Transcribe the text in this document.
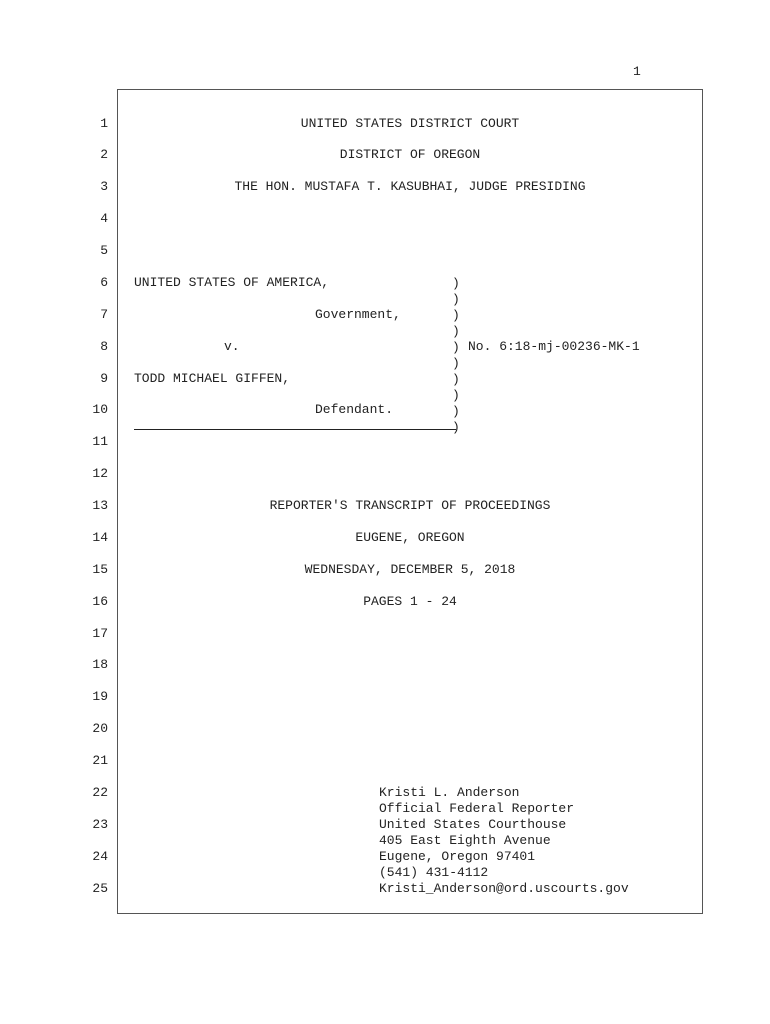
1
1
2
3
4
5
6
7
8
9
10
11
12
13
14
15
16
17
18
19
20
21
22
23
24
25
UNITED STATES DISTRICT COURT
DISTRICT OF OREGON
THE HON. MUSTAFA T. KASUBHAI, JUDGE PRESIDING
UNITED STATES OF AMERICA,
Government,
v.	No. 6:18-mj-00236-MK-1
TODD MICHAEL GIFFEN,
Defendant.
)
)
)
)
)
)
)
)
)
)
REPORTER'S TRANSCRIPT OF PROCEEDINGS
EUGENE, OREGON
WEDNESDAY, DECEMBER 5, 2018
PAGES 1 - 24
Kristi L. Anderson
Official Federal Reporter
United States Courthouse
405 East Eighth Avenue
Eugene, Oregon 97401
(541) 431-4112
Kristi_Anderson@ord.uscourts.gov
